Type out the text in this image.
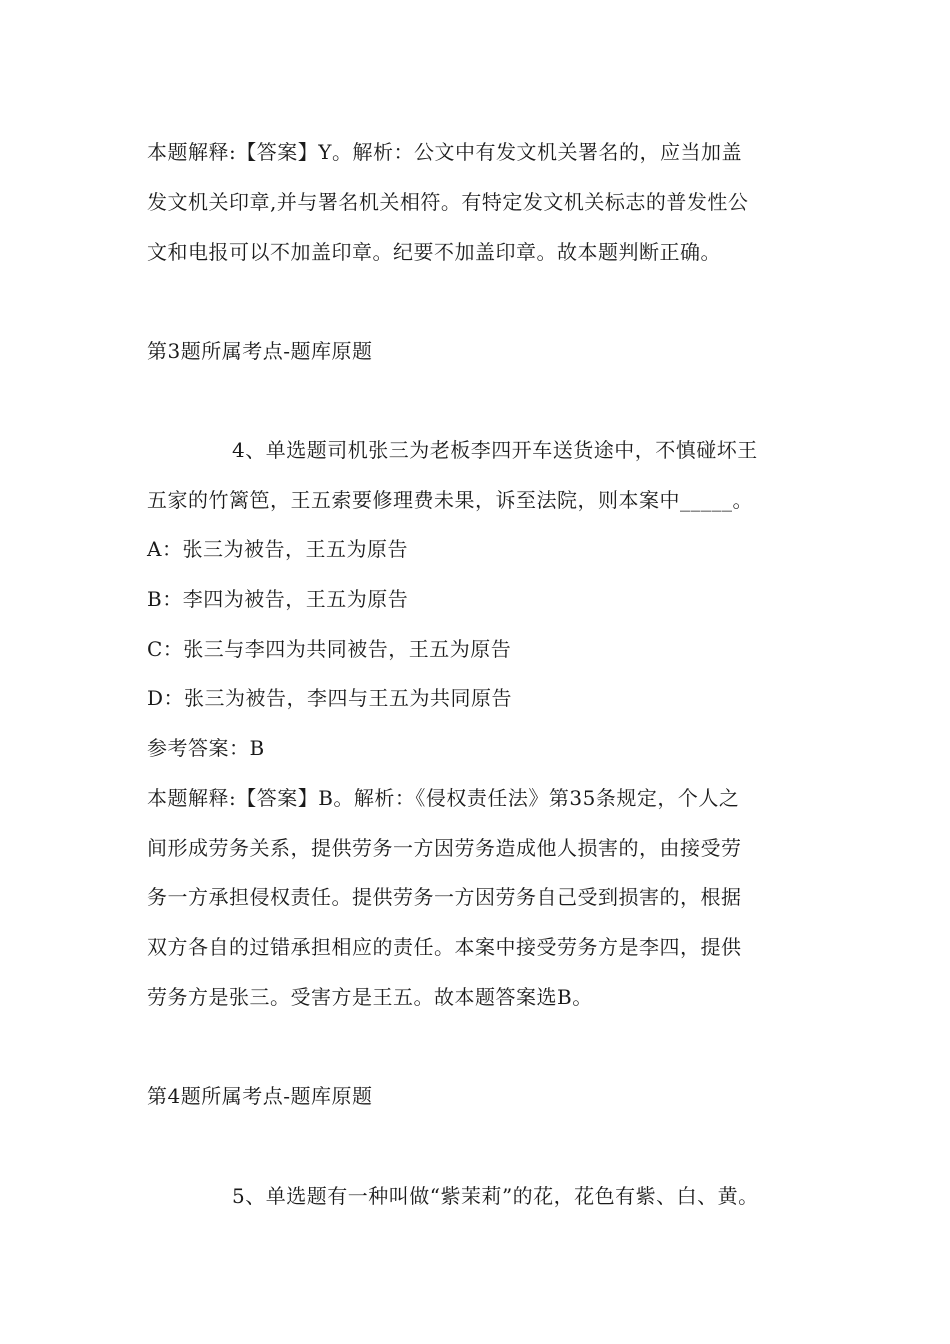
本题解释:【答案】Y。解析：公文中有发文机关署名的，应当加盖
发文机关印章,并与署名机关相符。有特定发文机关标志的普发性公
文和电报可以不加盖印章。纪要不加盖印章。故本题判断正确。
第3题所属考点-题库原题
4、单选题司机张三为老板李四开车送货途中，不慎碰坏王
五家的竹篱笆，王五索要修理费未果，诉至法院，则本案中_____。
A：张三为被告，王五为原告
B：李四为被告，王五为原告
C：张三与李四为共同被告，王五为原告
D：张三为被告，李四与王五为共同原告
参考答案：B
本题解释:【答案】B。解析：《侵权责任法》第35条规定，个人之
间形成劳务关系，提供劳务一方因劳务造成他人损害的，由接受劳
务一方承担侵权责任。提供劳务一方因劳务自己受到损害的，根据
双方各自的过错承担相应的责任。本案中接受劳务方是李四，提供
劳务方是张三。受害方是王五。故本题答案选B。
第4题所属考点-题库原题
5、单选题有一种叫做“紫茉莉”的花，花色有紫、白、黄。
